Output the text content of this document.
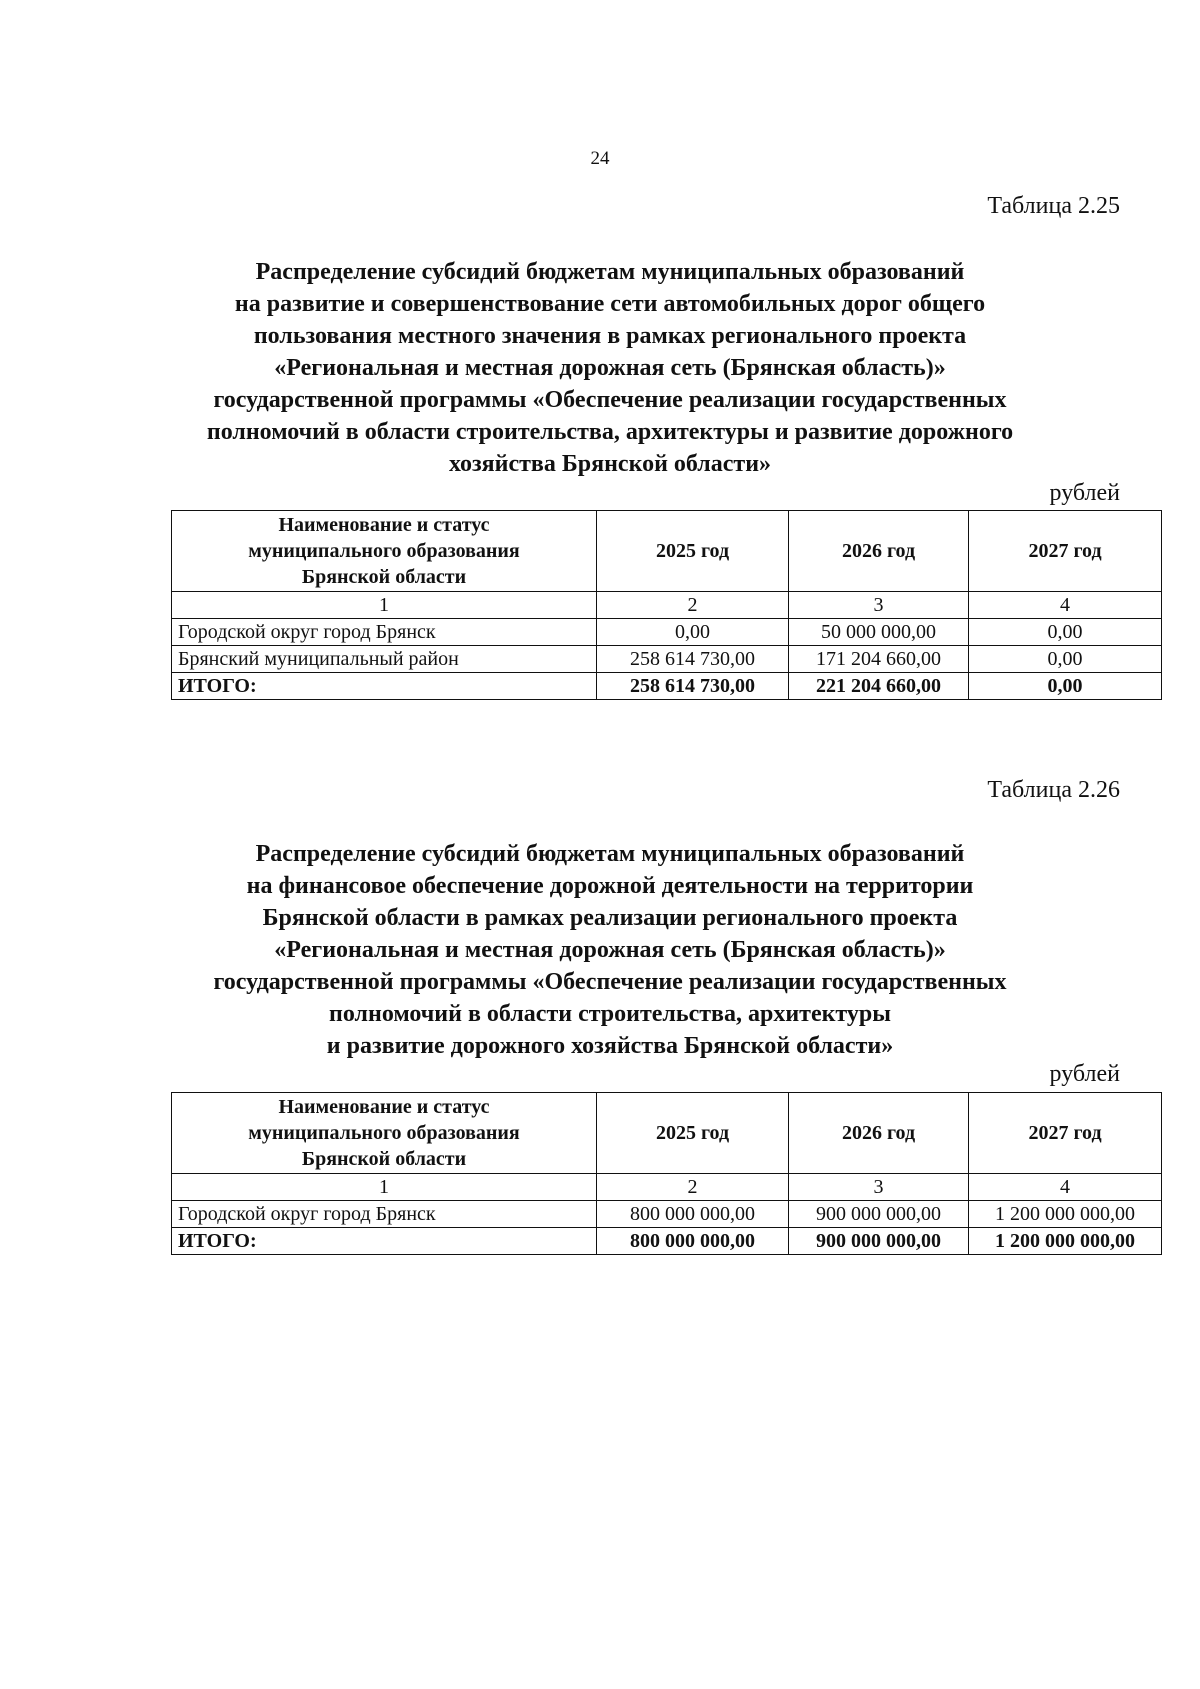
24
Таблица 2.25
Распределение субсидий бюджетам муниципальных образований
на развитие и совершенствование сети автомобильных дорог общего
пользования местного значения в рамках регионального проекта
«Региональная и местная дорожная сеть (Брянская область)»
государственной программы «Обеспечение реализации государственных
полномочий в области строительства, архитектуры и развитие дорожного
хозяйства Брянской области»
рублей
Наименование и статус
муниципального образования
Брянской области	2025 год	2026 год	2027 год
1	2	3	4
Городской округ город Брянск	0,00	50 000 000,00	0,00
Брянский муниципальный район	258 614 730,00	171 204 660,00	0,00
ИТОГО:	258 614 730,00	221 204 660,00	0,00
Таблица 2.26
Распределение субсидий бюджетам муниципальных образований
на финансовое обеспечение дорожной деятельности на территории
Брянской области в рамках реализации регионального проекта
«Региональная и местная дорожная сеть (Брянская область)»
государственной программы «Обеспечение реализации государственных
полномочий в области строительства, архитектуры
и развитие дорожного хозяйства Брянской области»
рублей
Наименование и статус
муниципального образования
Брянской области	2025 год	2026 год	2027 год
1	2	3	4
Городской округ город Брянск	800 000 000,00	900 000 000,00	1 200 000 000,00
ИТОГО:	800 000 000,00	900 000 000,00	1 200 000 000,00
